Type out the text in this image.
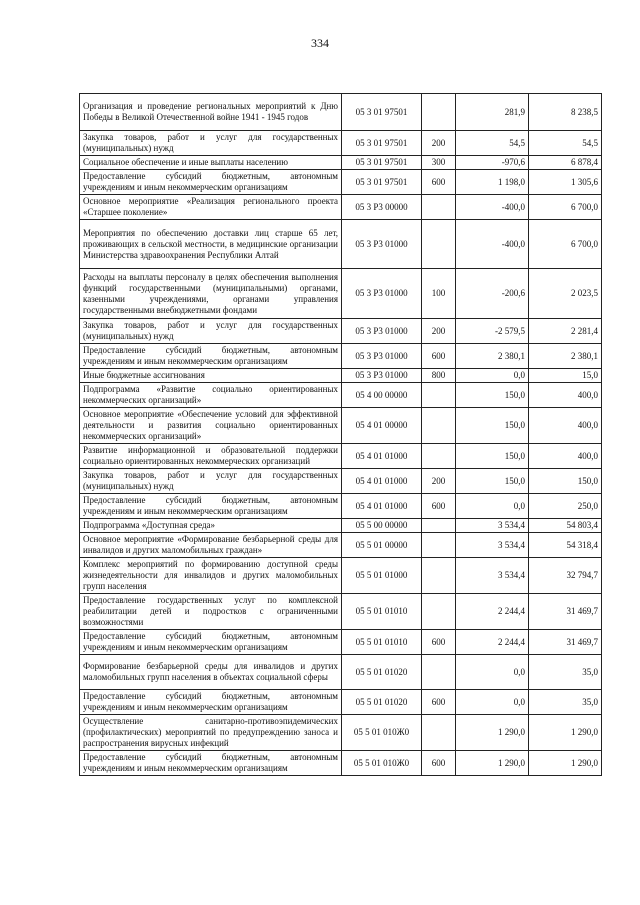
334
Организация и проведение региональных мероприятий к Дню Победы в Великой Отечественной войне 1941 - 1945 годов	05 3 01 97501		281,9	8 238,5
Закупка товаров, работ и услуг для государственных (муниципальных) нужд	05 3 01 97501	200	54,5	54,5
Социальное обеспечение и иные выплаты населению	05 3 01 97501	300	-970,6	6 878,4
Предоставление субсидий бюджетным, автономным учреждениям и иным некоммерческим организациям	05 3 01 97501	600	1 198,0	1 305,6
Основное мероприятие «Реализация регионального проекта «Старшее поколение»	05 3 P3 00000		-400,0	6 700,0
Мероприятия по обеспечению доставки лиц старше 65 лет, проживающих в сельской местности, в медицинские организации Министерства здравоохранения Республики Алтай	05 3 P3 01000		-400,0	6 700,0
Расходы на выплаты персоналу в целях обеспечения выполнения функций государственными (муниципальными) органами, казенными учреждениями, органами управления государственными внебюджетными фондами	05 3 P3 01000	100	-200,6	2 023,5
Закупка товаров, работ и услуг для государственных (муниципальных) нужд	05 3 P3 01000	200	-2 579,5	2 281,4
Предоставление субсидий бюджетным, автономным учреждениям и иным некоммерческим организациям	05 3 P3 01000	600	2 380,1	2 380,1
Иные бюджетные ассигнования	05 3 P3 01000	800	0,0	15,0
Подпрограмма «Развитие социально ориентированных некоммерческих организаций»	05 4 00 00000		150,0	400,0
Основное мероприятие «Обеспечение условий для эффективной деятельности и развития социально ориентированных некоммерческих организаций»	05 4 01 00000		150,0	400,0
Развитие информационной и образовательной поддержки социально ориентированных некоммерческих организаций	05 4 01 01000		150,0	400,0
Закупка товаров, работ и услуг для государственных (муниципальных) нужд	05 4 01 01000	200	150,0	150,0
Предоставление субсидий бюджетным, автономным учреждениям и иным некоммерческим организациям	05 4 01 01000	600	0,0	250,0
Подпрограмма «Доступная среда»	05 5 00 00000		3 534,4	54 803,4
Основное мероприятие «Формирование безбарьерной среды для инвалидов и других маломобильных граждан»	05 5 01 00000		3 534,4	54 318,4
Комплекс мероприятий по формированию доступной среды жизнедеятельности для инвалидов и других маломобильных групп населения	05 5 01 01000		3 534,4	32 794,7
Предоставление государственных услуг по комплексной реабилитации детей и подростков с ограниченными возможностями	05 5 01 01010		2 244,4	31 469,7
Предоставление субсидий бюджетным, автономным учреждениям и иным некоммерческим организациям	05 5 01 01010	600	2 244,4	31 469,7
Формирование безбарьерной среды для инвалидов и других маломобильных групп населения в объектах социальной сферы	05 5 01 01020		0,0	35,0
Предоставление субсидий бюджетным, автономным учреждениям и иным некоммерческим организациям	05 5 01 01020	600	0,0	35,0
Осуществление санитарно-противоэпидемических (профилактических) мероприятий по предупреждению заноса и распространения вирусных инфекций	05 5 01 010Ж0		1 290,0	1 290,0
Предоставление субсидий бюджетным, автономным учреждениям и иным некоммерческим организациям	05 5 01 010Ж0	600	1 290,0	1 290,0
